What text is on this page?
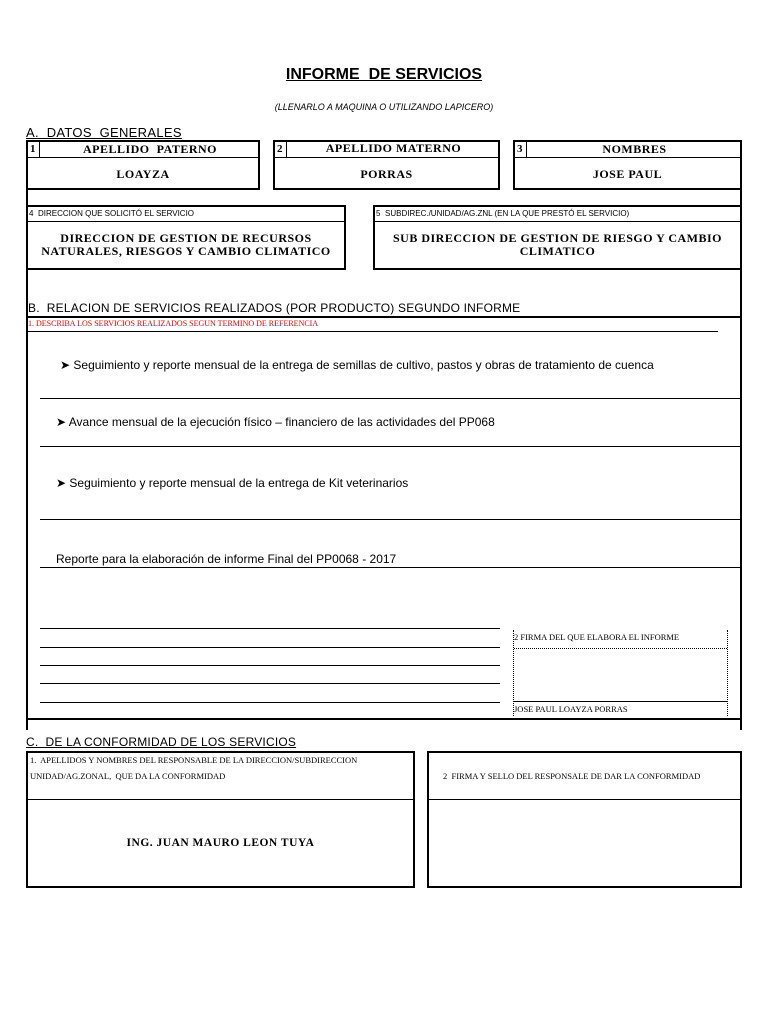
INFORME  DE SERVICIOS
(LLENARLO A MAQUINA O UTILIZANDO LAPICERO)
A.  DATOS  GENERALES
1	APELLIDO  PATERNO
LOAYZA
2	APELLIDO MATERNO
PORRAS
3	NOMBRES
JOSE PAUL
4 DIRECCION QUE SOLICITÓ EL SERVICIO
DIRECCION DE GESTION DE RECURSOS
NATURALES, RIESGOS Y CAMBIO CLIMATICO
5 SUBDIREC./UNIDAD/AG.ZNL (EN LA QUE PRESTÓ EL SERVICIO)
SUB DIRECCION DE GESTION DE RIESGO Y CAMBIO
CLIMATICO
B.  RELACION DE SERVICIOS REALIZADOS (POR PRODUCTO) SEGUNDO INFORME
1. DESCRIBA LOS SERVICIOS REALIZADOS SEGUN TERMINO DE REFERENCIA
➤ Seguimiento y reporte mensual de la entrega de semillas de cultivo, pastos y obras de tratamiento de cuenca
➤ Avance mensual de la ejecución físico – financiero de las actividades del PP068
➤ Seguimiento y reporte mensual de la entrega de Kit veterinarios
Reporte para la elaboración de informe Final del PP0068 - 2017
2 FIRMA DEL QUE ELABORA EL INFORME
JOSE PAUL LOAYZA PORRAS
C.  DE LA CONFORMIDAD DE LOS SERVICIOS
1.  APELLIDOS Y NOMBRES DEL RESPONSABLE DE LA DIRECCION/SUBDIRECCION
UNIDAD/AG.ZONAL,  QUE DA LA CONFORMIDAD
ING. JUAN MAURO LEON TUYA
2  FIRMA Y SELLO DEL RESPONSALE DE DAR LA CONFORMIDAD
